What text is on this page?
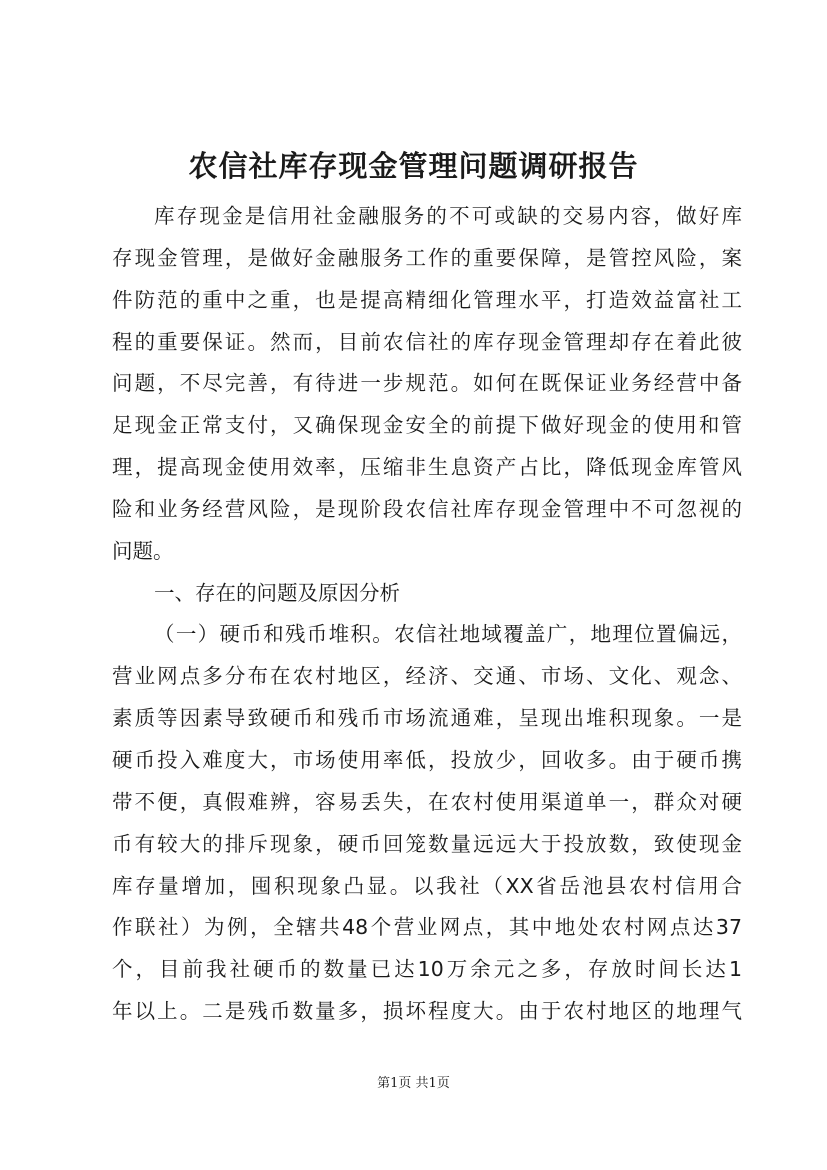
农信社库存现金管理问题调研报告
库存现金是信用社金融服务的不可或缺的交易内容，做好库
存现金管理，是做好金融服务工作的重要保障，是管控风险，案
件防范的重中之重，也是提高精细化管理水平，打造效益富社工
程的重要保证。然而，目前农信社的库存现金管理却存在着此彼
问题，不尽完善，有待进一步规范。如何在既保证业务经营中备
足现金正常支付，又确保现金安全的前提下做好现金的使用和管
理，提高现金使用效率，压缩非生息资产占比，降低现金库管风
险和业务经营风险，是现阶段农信社库存现金管理中不可忽视的
问题。
一、存在的问题及原因分析
（一）硬币和残币堆积。农信社地域覆盖广，地理位置偏远，
营业网点多分布在农村地区，经济、交通、市场、文化、观念、
素质等因素导致硬币和残币市场流通难，呈现出堆积现象。一是
硬币投入难度大，市场使用率低，投放少，回收多。由于硬币携
带不便，真假难辨，容易丢失，在农村使用渠道单一，群众对硬
币有较大的排斥现象，硬币回笼数量远远大于投放数，致使现金
库存量增加，囤积现象凸显。以我社（XX省岳池县农村信用合
作联社）为例，全辖共48个营业网点，其中地处农村网点达37
个，目前我社硬币的数量已达10万余元之多，存放时间长达1
年以上。二是残币数量多，损坏程度大。由于农村地区的地理气
第1页 共1页
